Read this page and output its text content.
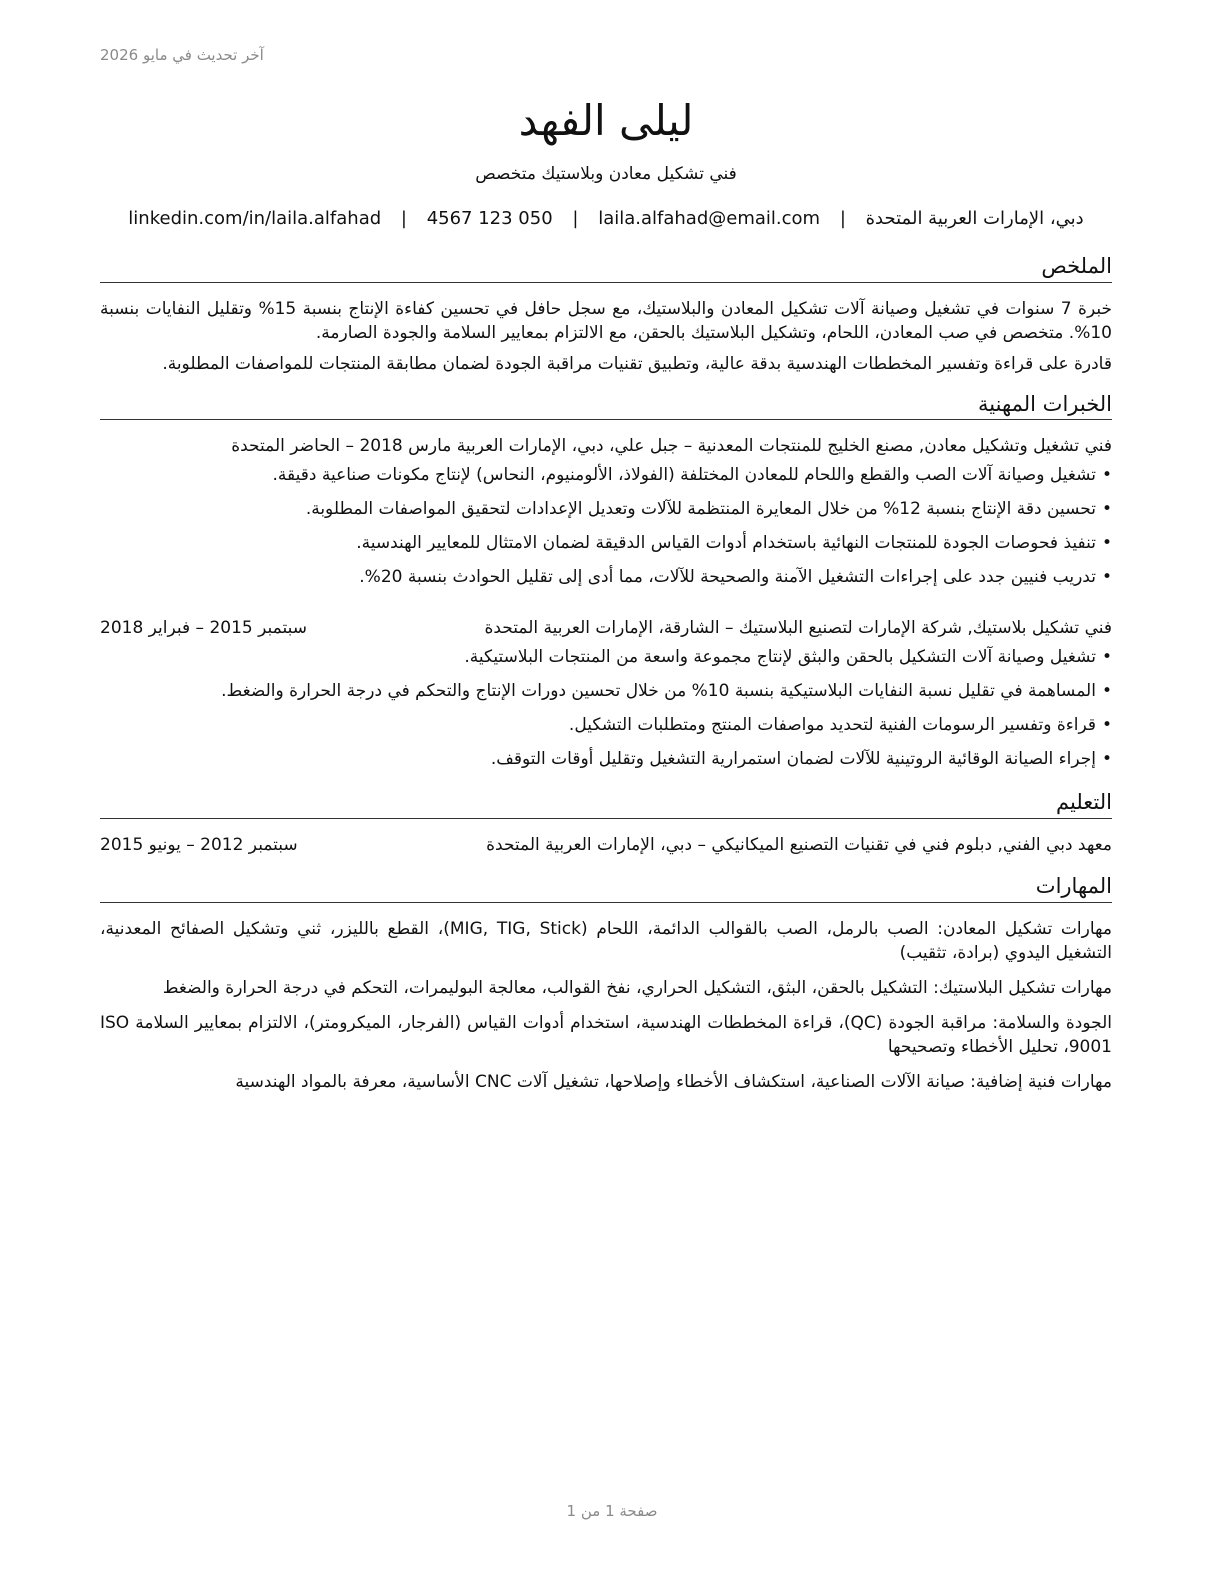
آخر تحديث في مايو 2026
ليلى الفهد
فني تشكيل معادن وبلاستيك متخصص
دبي، الإمارات العربية المتحدة | laila.alfahad@email.com | 4567 123 050 | linkedin.com/in/laila.alfahad
الملخص

خبرة 7 سنوات في تشغيل وصيانة آلات تشكيل المعادن والبلاستيك، مع سجل حافل في تحسين كفاءة الإنتاج بنسبة 15% وتقليل النفايات بنسبة 10%. متخصص في صب المعادن، اللحام، وتشكيل البلاستيك بالحقن، مع الالتزام بمعايير السلامة والجودة الصارمة.

قادرة على قراءة وتفسير المخططات الهندسية بدقة عالية، وتطبيق تقنيات مراقبة الجودة لضمان مطابقة المنتجات للمواصفات المطلوبة.

الخبرات المهنية
فني تشغيل وتشكيل معادن, مصنع الخليج للمنتجات المعدنية – جبل علي، دبي، الإمارات العربية مارس 2018 – الحاضر المتحدة
•تشغيل وصيانة آلات الصب والقطع واللحام للمعادن المختلفة (الفولاذ، الألومنيوم، النحاس) لإنتاج مكونات صناعية دقيقة.
•تحسين دقة الإنتاج بنسبة 12% من خلال المعايرة المنتظمة للآلات وتعديل الإعدادات لتحقيق المواصفات المطلوبة.
•تنفيذ فحوصات الجودة للمنتجات النهائية باستخدام أدوات القياس الدقيقة لضمان الامتثال للمعايير الهندسية.
•تدريب فنيين جدد على إجراءات التشغيل الآمنة والصحيحة للآلات، مما أدى إلى تقليل الحوادث بنسبة 20%.
فني تشكيل بلاستيك, شركة الإمارات لتصنيع البلاستيك – الشارقة، الإمارات العربية المتحدة
سبتمبر 2015 – فبراير 2018
•تشغيل وصيانة آلات التشكيل بالحقن والبثق لإنتاج مجموعة واسعة من المنتجات البلاستيكية.
•المساهمة في تقليل نسبة النفايات البلاستيكية بنسبة 10% من خلال تحسين دورات الإنتاج والتحكم في درجة الحرارة والضغط.
•قراءة وتفسير الرسومات الفنية لتحديد مواصفات المنتج ومتطلبات التشكيل.
•إجراء الصيانة الوقائية الروتينية للآلات لضمان استمرارية التشغيل وتقليل أوقات التوقف.
التعليم
معهد دبي الفني, دبلوم فني في تقنيات التصنيع الميكانيكي – دبي، الإمارات العربية المتحدة
سبتمبر 2012 – يونيو 2015
المهارات

مهارات تشكيل المعادن: الصب بالرمل، الصب بالقوالب الدائمة، اللحام (MIG, TIG, Stick)، القطع بالليزر، ثني وتشكيل الصفائح المعدنية، التشغيل اليدوي (برادة، تثقيب)

مهارات تشكيل البلاستيك: التشكيل بالحقن، البثق، التشكيل الحراري، نفخ القوالب، معالجة البوليمرات، التحكم في درجة الحرارة والضغط

الجودة والسلامة: مراقبة الجودة (QC)، قراءة المخططات الهندسية، استخدام أدوات القياس (الفرجار، الميكرومتر)، الالتزام بمعايير السلامة ISO 9001، تحليل الأخطاء وتصحيحها

مهارات فنية إضافية: صيانة الآلات الصناعية، استكشاف الأخطاء وإصلاحها، تشغيل آلات CNC الأساسية، معرفة بالمواد الهندسية

صفحة 1 من 1
